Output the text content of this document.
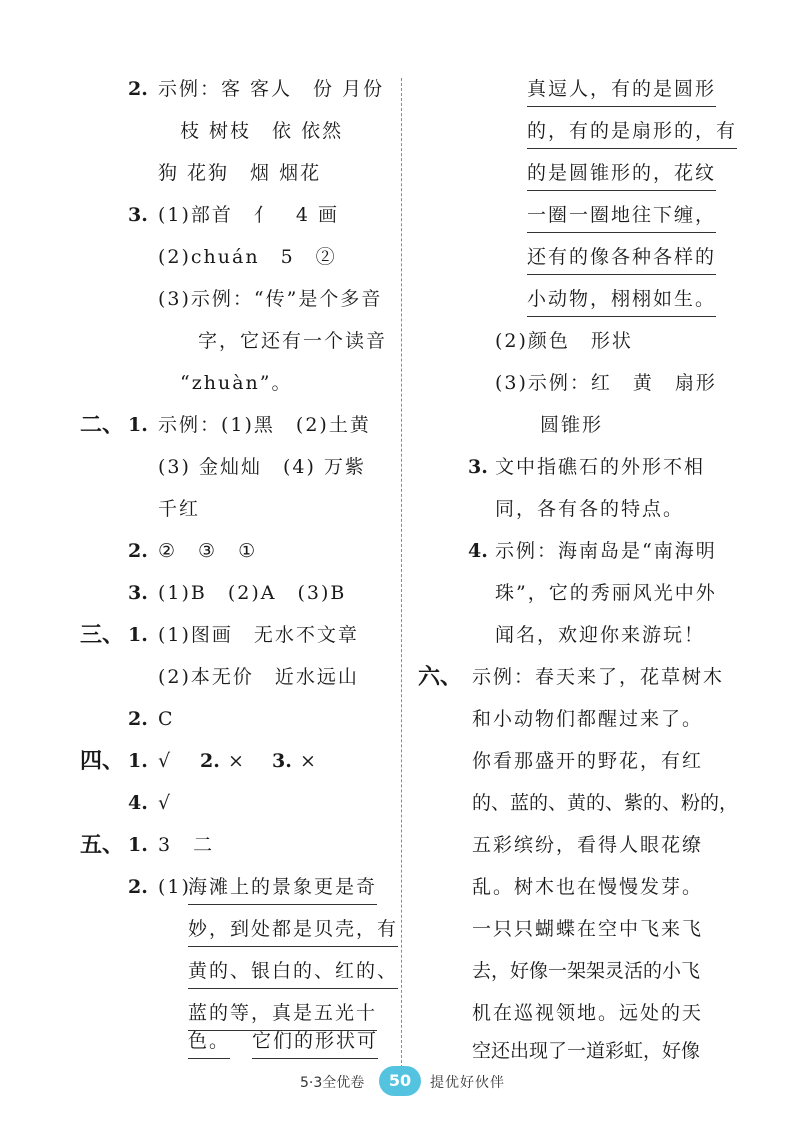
2. 示例：客 客人　份 月份
枝 树枝　依 依然
狗 花狗　烟 烟花
3. (1)部首　亻　4 画
(2)chuán　5　②
(3)示例：“传”是个多音
字，它还有一个读音
“zhuàn”。
二、 1. 示例：(1)黑　(2)土黄
(3) 金灿灿　(4) 万紫
千红
2. ②　③　①
3. (1)B　(2)A　(3)B
三、 1. (1)图画　无水不文章
(2)本无价　近水远山
2. C
四、 1. √ 2. × 3. ×
4. √
五、 1. 3　二
2. (1)
海滩上的景象更是奇
妙，到处都是贝壳，有
黄的、银白的、红的、
蓝的等，真是五光十
色。 它们的形状可
真逗人，有的是圆形
的，有的是扇形的，有
的是圆锥形的，花纹
一圈一圈地往下缠，
还有的像各种各样的
小动物，栩栩如生。
(2)颜色　形状
(3)示例：红　黄　扇形
圆锥形
3. 文中指礁石的外形不相
同，各有各的特点。
4. 示例：海南岛是“南海明
珠”，它的秀丽风光中外
闻名，欢迎你来游玩！
六、 示例：春天来了，花草树木
和小动物们都醒过来了。
你看那盛开的野花，有红
的、蓝的、黄的、紫的、粉的，
五彩缤纷，看得人眼花缭
乱。树木也在慢慢发芽。
一只只蝴蝶在空中飞来飞
去，好像一架架灵活的小飞
机在巡视领地。远处的天
空还出现了一道彩虹，好像
5·3全优卷	50	提优好伙伴
